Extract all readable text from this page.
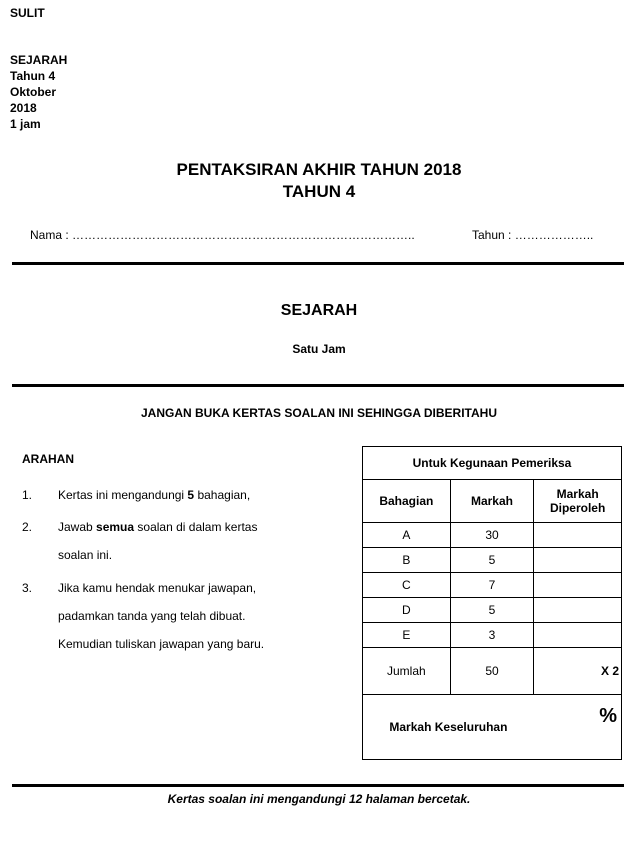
SULIT
SEJARAH
Tahun 4
Oktober
2018
1 jam
PENTAKSIRAN AKHIR TAHUN 2018
TAHUN 4
Nama : …………………………………………………………………………..	Tahun : ………………..
SEJARAH
Satu Jam
JANGAN BUKA KERTAS SOALAN INI SEHINGGA DIBERITAHU
ARAHAN
1. Kertas ini mengandungi 5 bahagian,
2. Jawab semua soalan di dalam kertas
soalan ini.
3. Jika kamu hendak menukar jawapan,
padamkan tanda yang telah dibuat.
Kemudian tuliskan jawapan yang baru.
Untuk Kegunaan Pemeriksa		
Bahagian	Markah	Markah Diperoleh
A	30	
B	5	
C	7	
D	5	
E	3	
Jumlah	50	X 2
Markah Keseluruhan		%
Kertas soalan ini mengandungi 12 halaman bercetak.
